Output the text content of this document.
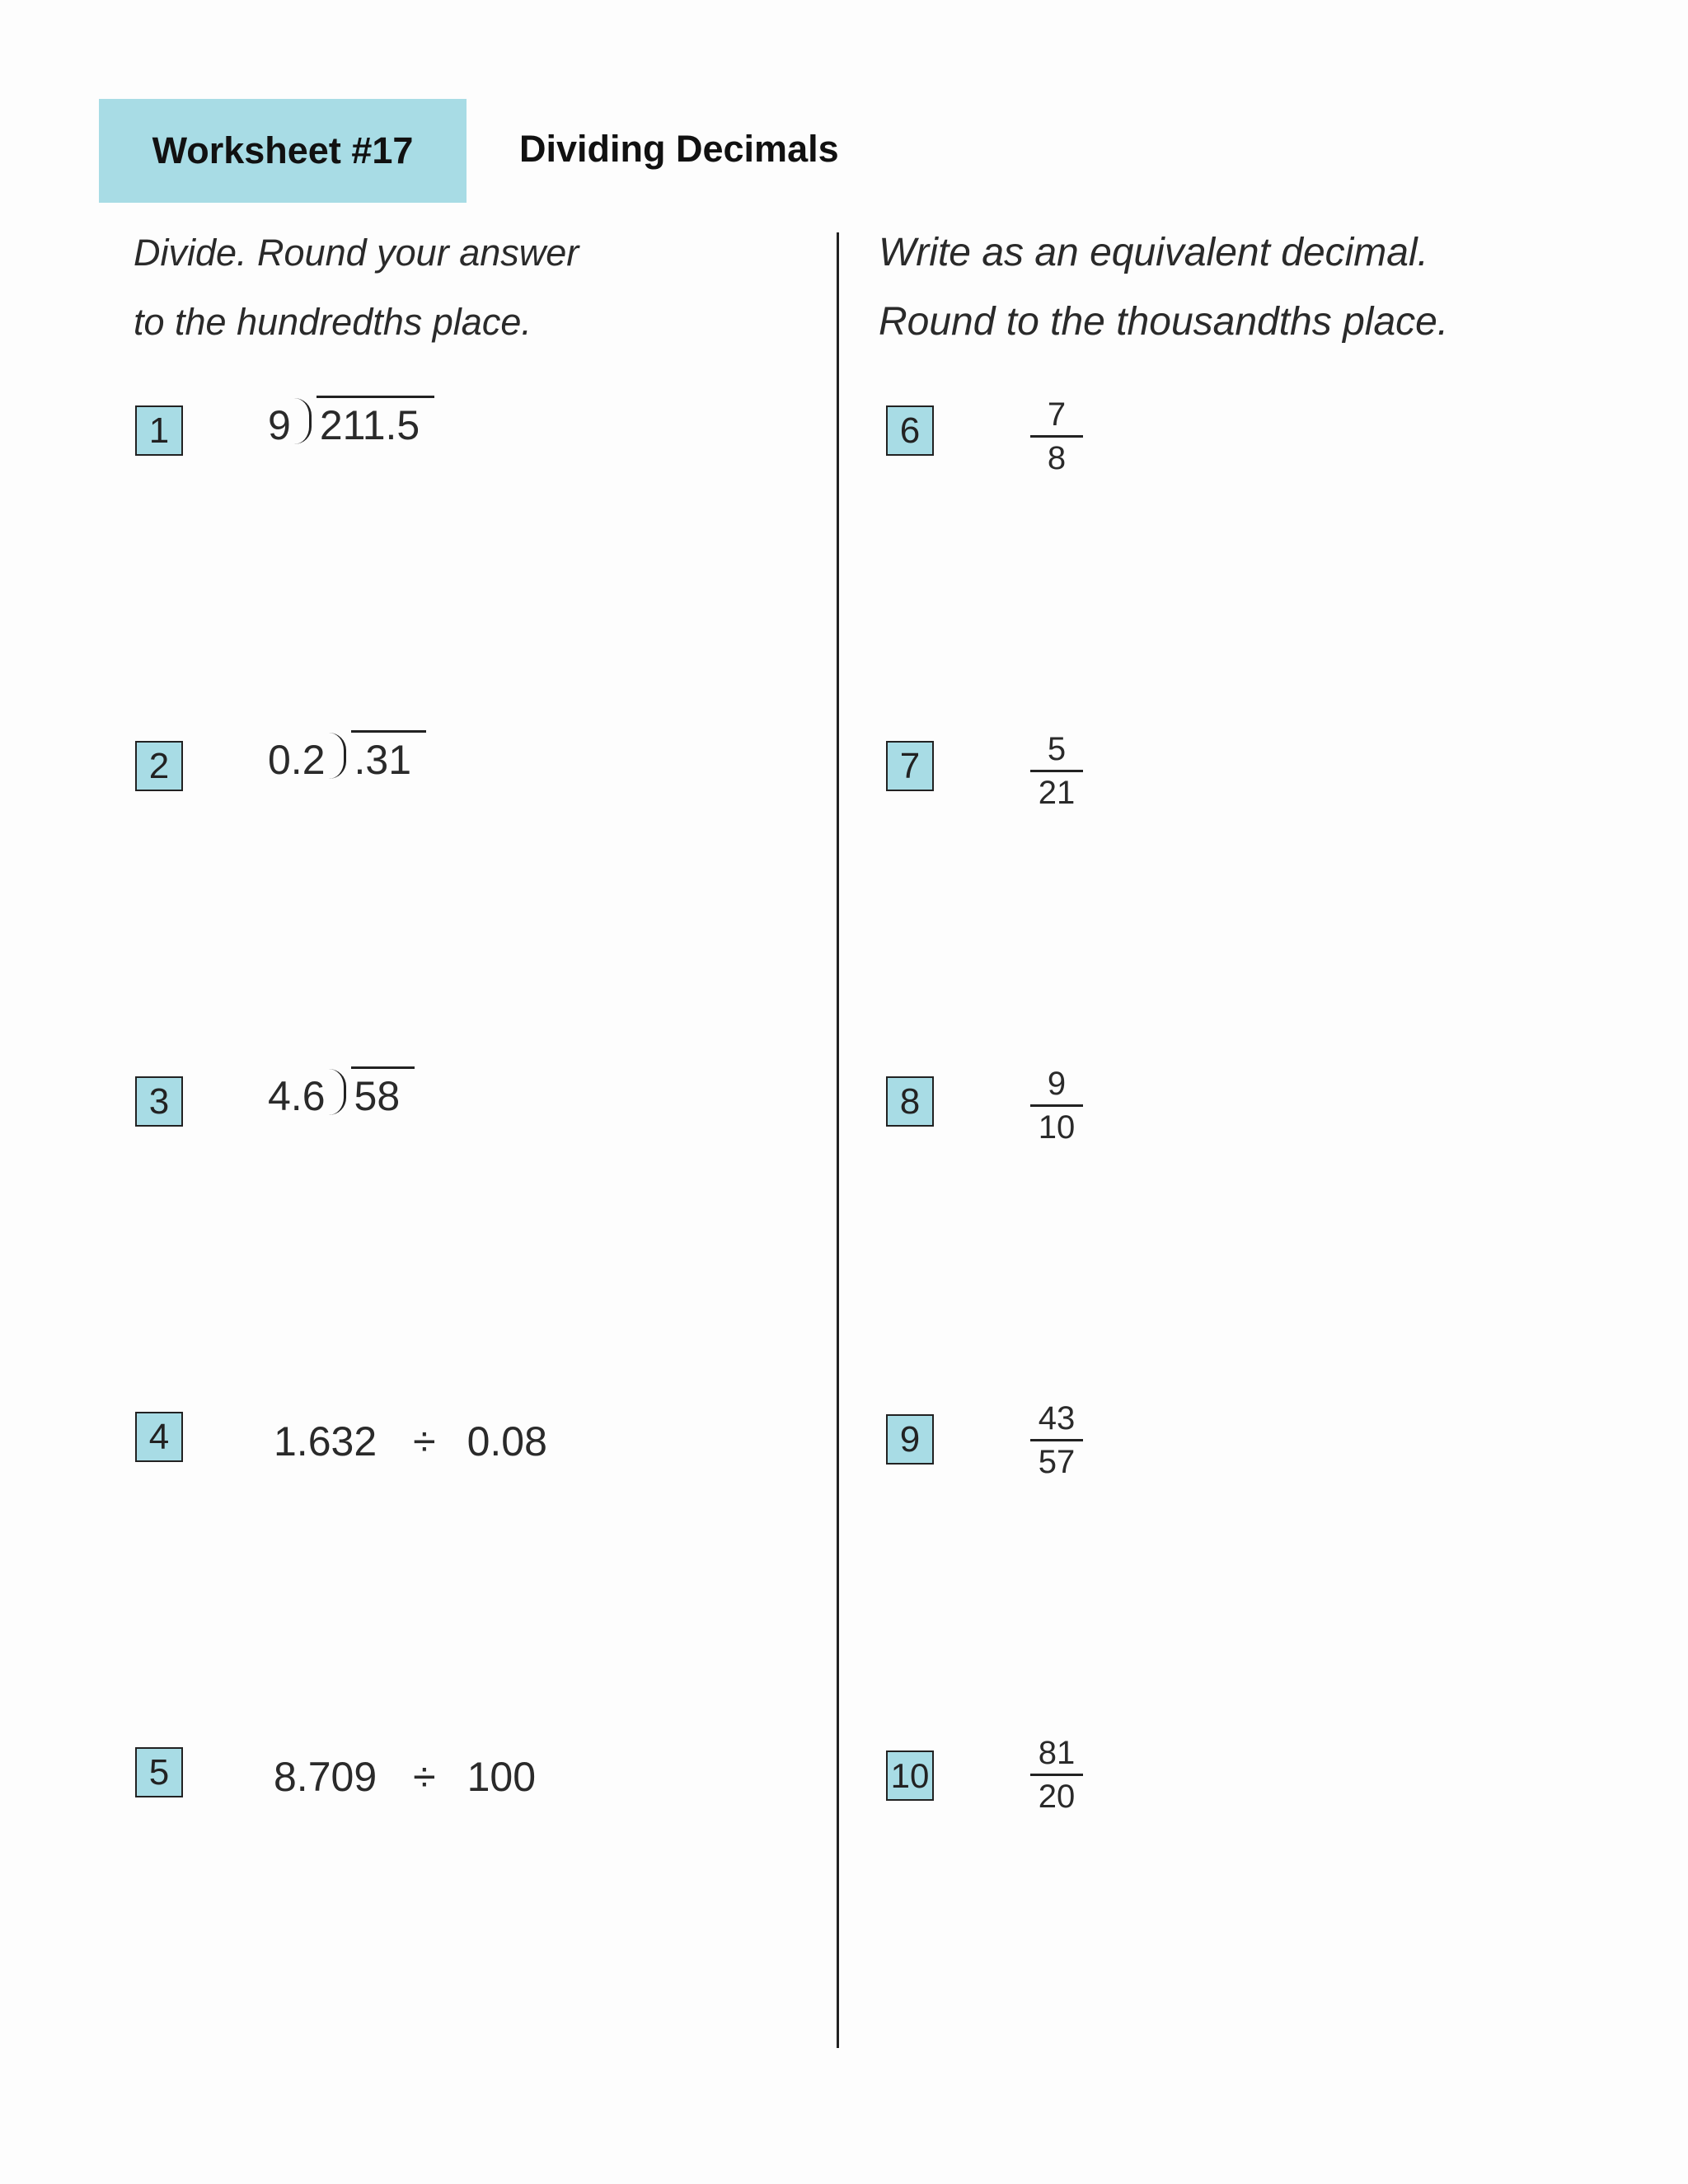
Worksheet #17	Dividing Decimals
Divide. Round your answer
to the hundredths place.
Write as an equivalent decimal.
Round to the thousandths place.
1	9 211.5
2	0.2 .31
3	4.6 58
4	1.632 ÷ 0.08
5	8.709 ÷ 100
6	7
8
7	5
21
8	9
10
9
43
57
10
81
20
